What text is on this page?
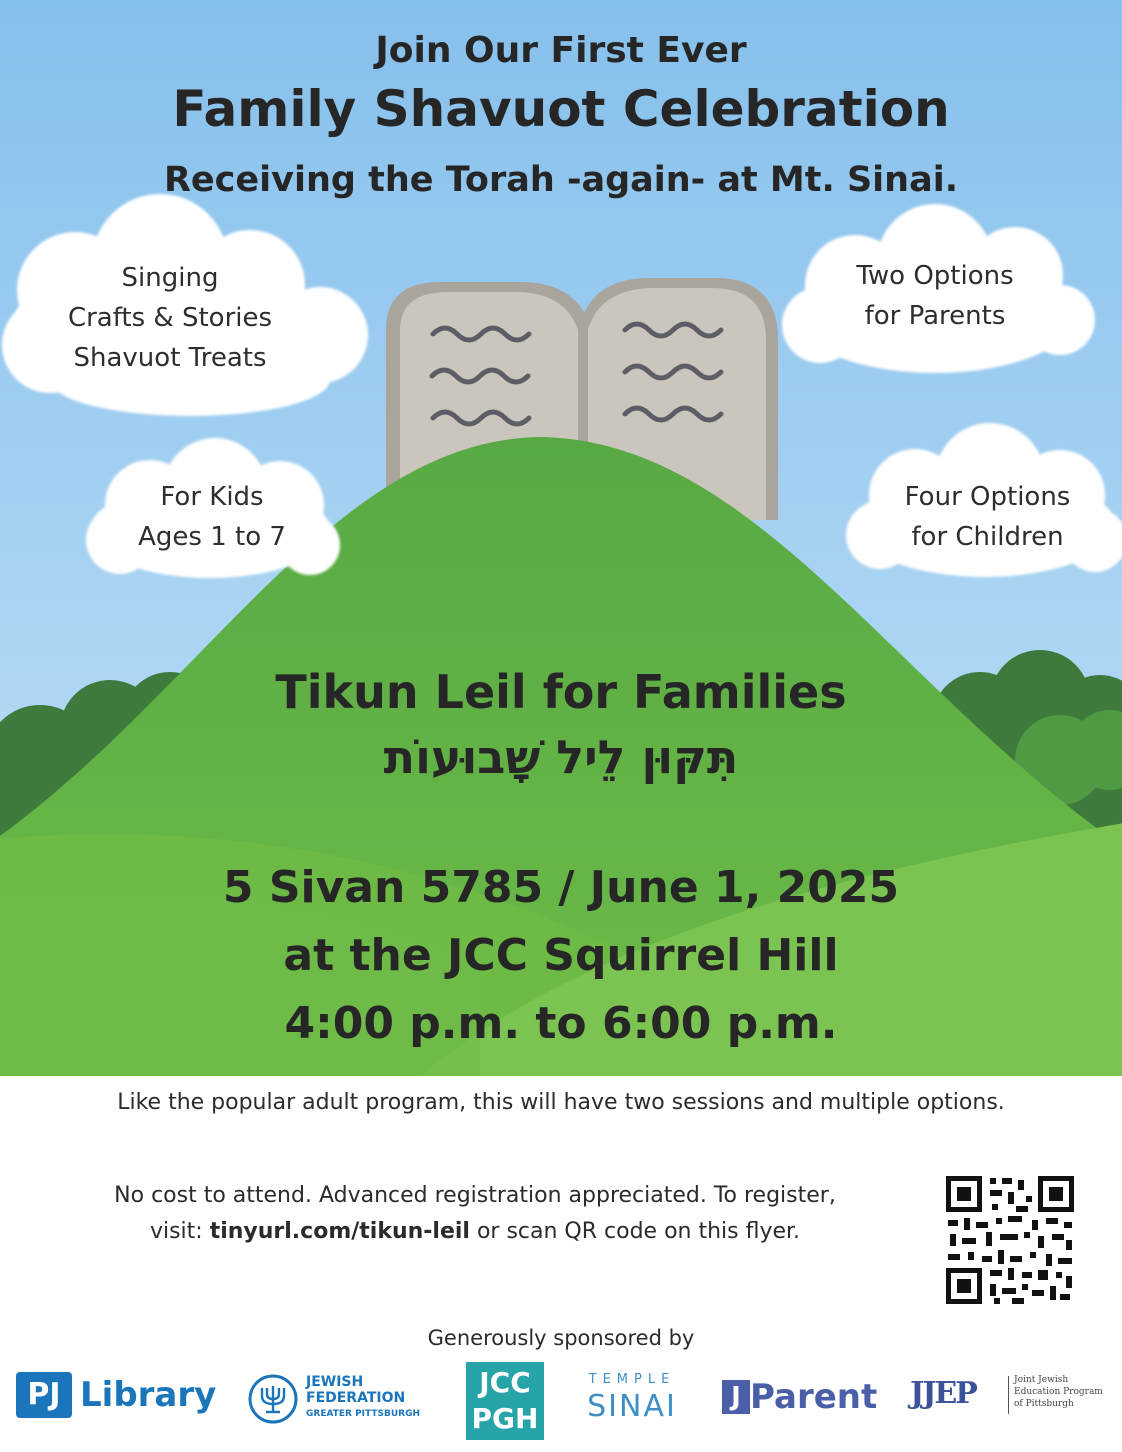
Join Our First Ever
Family Shavuot Celebration
Receiving the Torah -again- at Mt. Sinai.
Singing
Crafts & Stories
Shavuot Treats
Two Options
for Parents
For Kids
Ages 1 to 7
Four Options
for Children
Tikun Leil for Families
תִּקּוּן לֵיל שָׁבוּעוֹת
5 Sivan 5785 / June 1, 2025
at the JCC Squirrel Hill
4:00 p.m. to 6:00 p.m.
Like the popular adult program, this will have two sessions and multiple options.
No cost to attend. Advanced registration appreciated. To register,
visit: tinyurl.com/tikun-leil or scan QR code on this flyer.
Generously sponsored by
PJ Library	JEWISH
FEDERATION
GREATER PITTSBURGH
JCC
PGH
TEMPLE
SINAI	J Parent JJEP	Joint Jewish
Education Program
of Pittsburgh
